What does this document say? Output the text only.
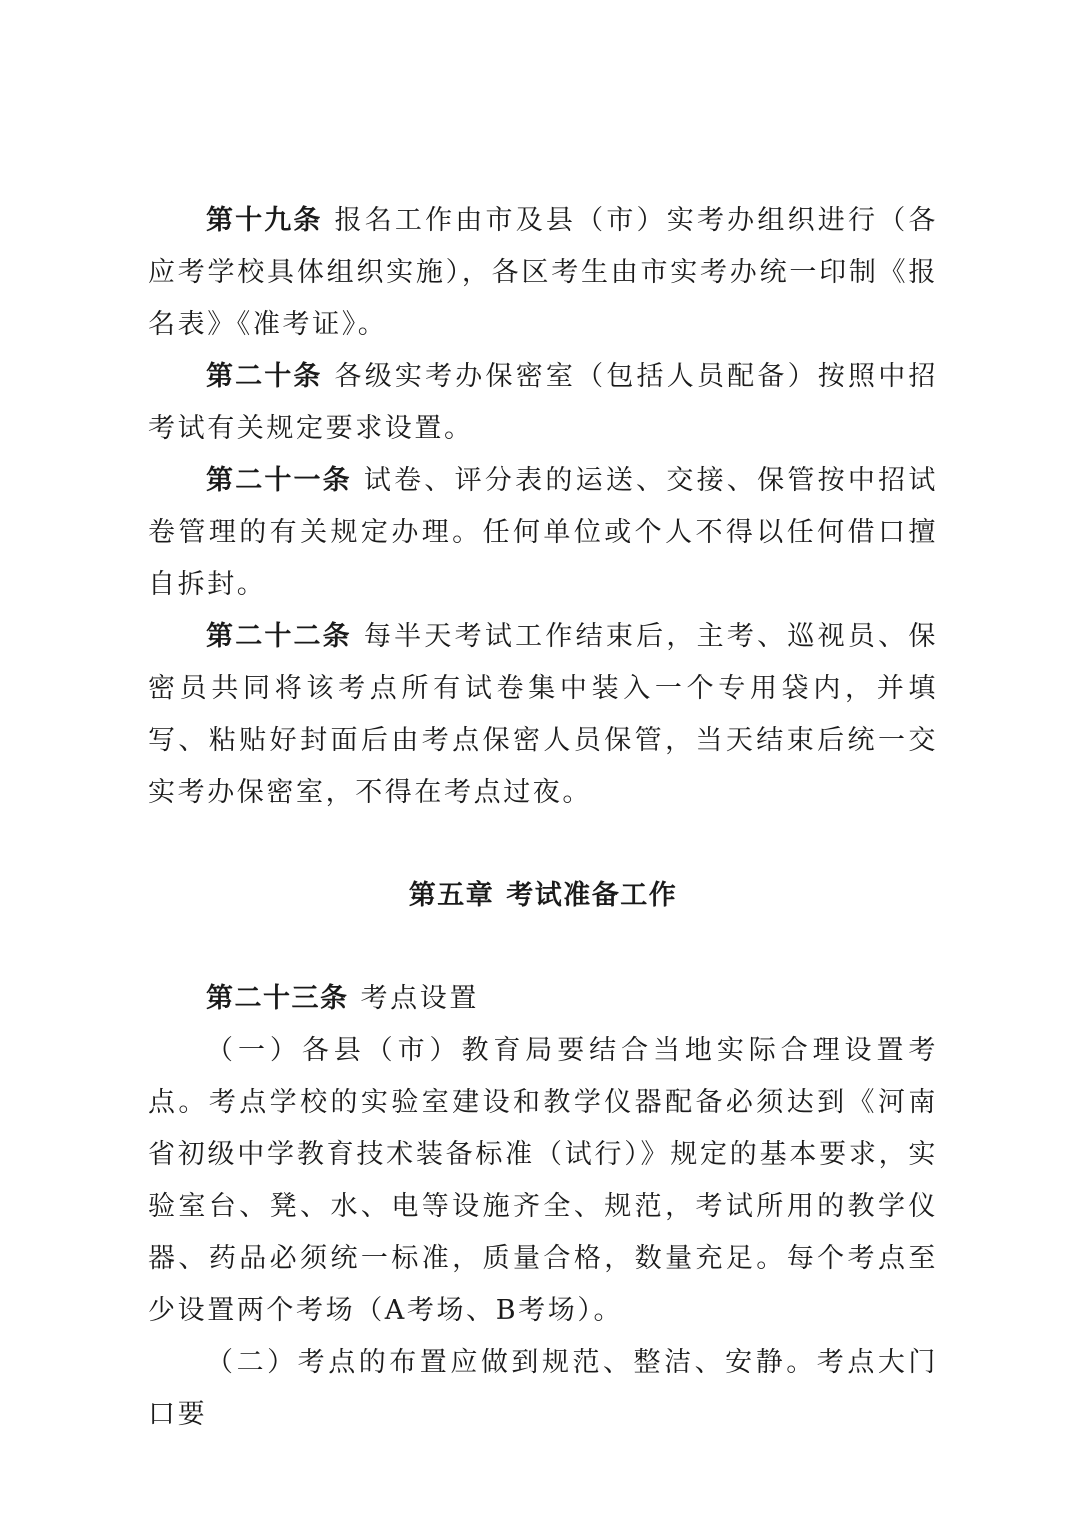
第十九条 报名工作由市及县（市）实考办组织进行（各应考学校具体组织实施），各区考生由市实考办统一印制《报名表》《准考证》。

第二十条 各级实考办保密室（包括人员配备）按照中招考试有关规定要求设置。

第二十一条 试卷、评分表的运送、交接、保管按中招试卷管理的有关规定办理。任何单位或个人不得以任何借口擅自拆封。

第二十二条 每半天考试工作结束后，主考、巡视员、保密员共同将该考点所有试卷集中装入一个专用袋内，并填写、粘贴好封面后由考点保密人员保管，当天结束后统一交实考办保密室，不得在考点过夜。

第五章 考试准备工作

第二十三条 考点设置

（一）各县（市）教育局要结合当地实际合理设置考点。考点学校的实验室建设和教学仪器配备必须达到《河南省初级中学教育技术装备标准（试行）》规定的基本要求，实验室台、凳、水、电等设施齐全、规范，考试所用的教学仪器、药品必须统一标准，质量合格，数量充足。每个考点至少设置两个考场（A考场、B考场）。

（二）考点的布置应做到规范、整洁、安静。考点大门口要
